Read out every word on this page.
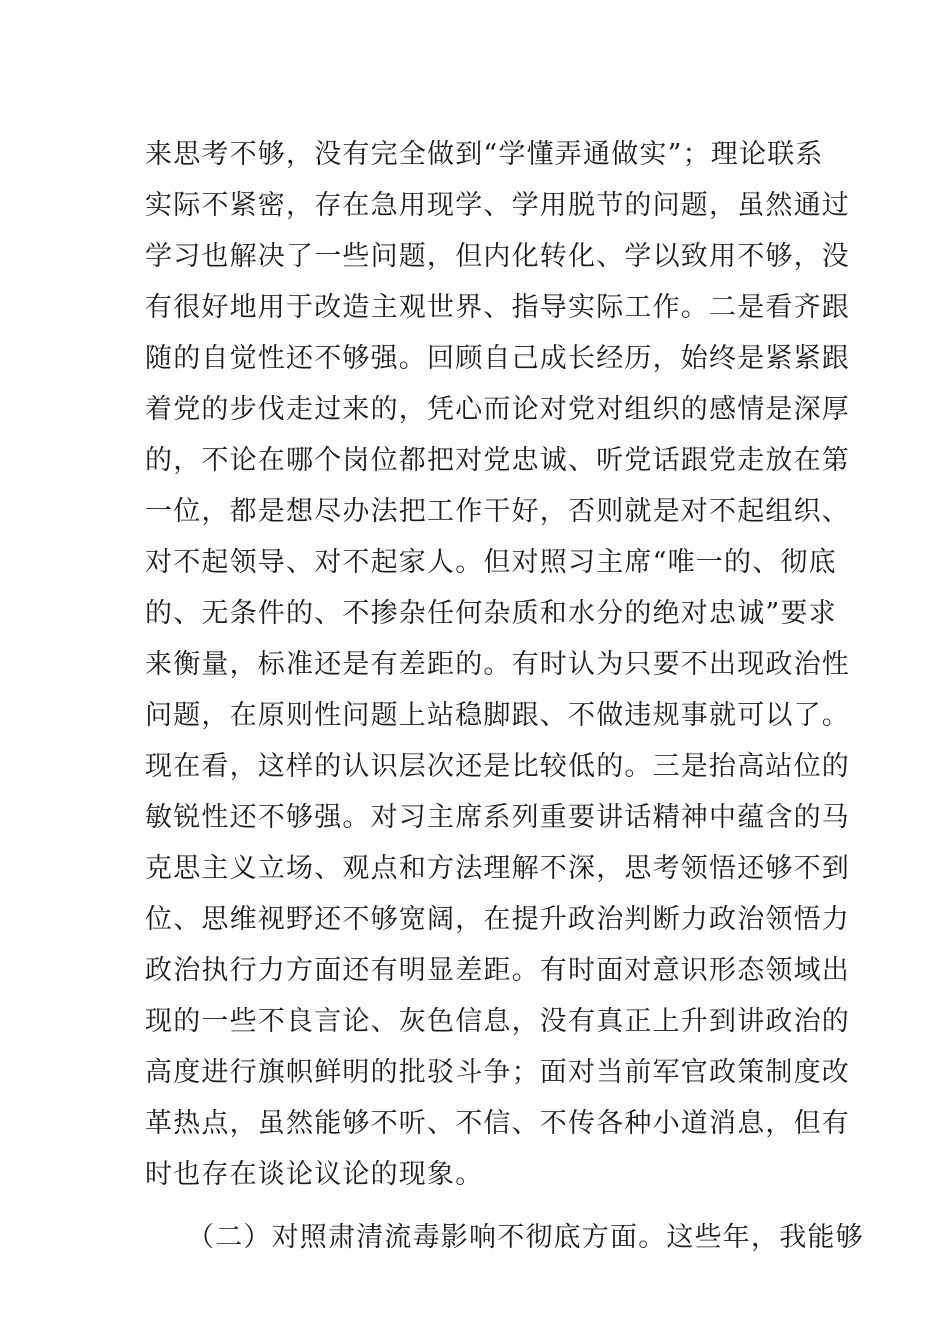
来思考不够，没有完全做到“学懂弄通做实”；理论联系
实际不紧密，存在急用现学、学用脱节的问题，虽然通过
学习也解决了一些问题，但内化转化、学以致用不够，没
有很好地用于改造主观世界、指导实际工作。二是看齐跟
随的自觉性还不够强。回顾自己成长经历，始终是紧紧跟
着党的步伐走过来的，凭心而论对党对组织的感情是深厚
的，不论在哪个岗位都把对党忠诚、听党话跟党走放在第
一位，都是想尽办法把工作干好，否则就是对不起组织、
对不起领导、对不起家人。但对照习主席“唯一的、彻底
的、无条件的、不掺杂任何杂质和水分的绝对忠诚”要求
来衡量，标准还是有差距的。有时认为只要不出现政治性
问题，在原则性问题上站稳脚跟、不做违规事就可以了。
现在看，这样的认识层次还是比较低的。三是抬高站位的
敏锐性还不够强。对习主席系列重要讲话精神中蕴含的马
克思主义立场、观点和方法理解不深，思考领悟还够不到
位、思维视野还不够宽阔，在提升政治判断力政治领悟力
政治执行力方面还有明显差距。有时面对意识形态领域出
现的一些不良言论、灰色信息，没有真正上升到讲政治的
高度进行旗帜鲜明的批驳斗争；面对当前军官政策制度改
革热点，虽然能够不听、不信、不传各种小道消息，但有
时也存在谈论议论的现象。
（二）对照肃清流毒影响不彻底方面。这些年，我能够
